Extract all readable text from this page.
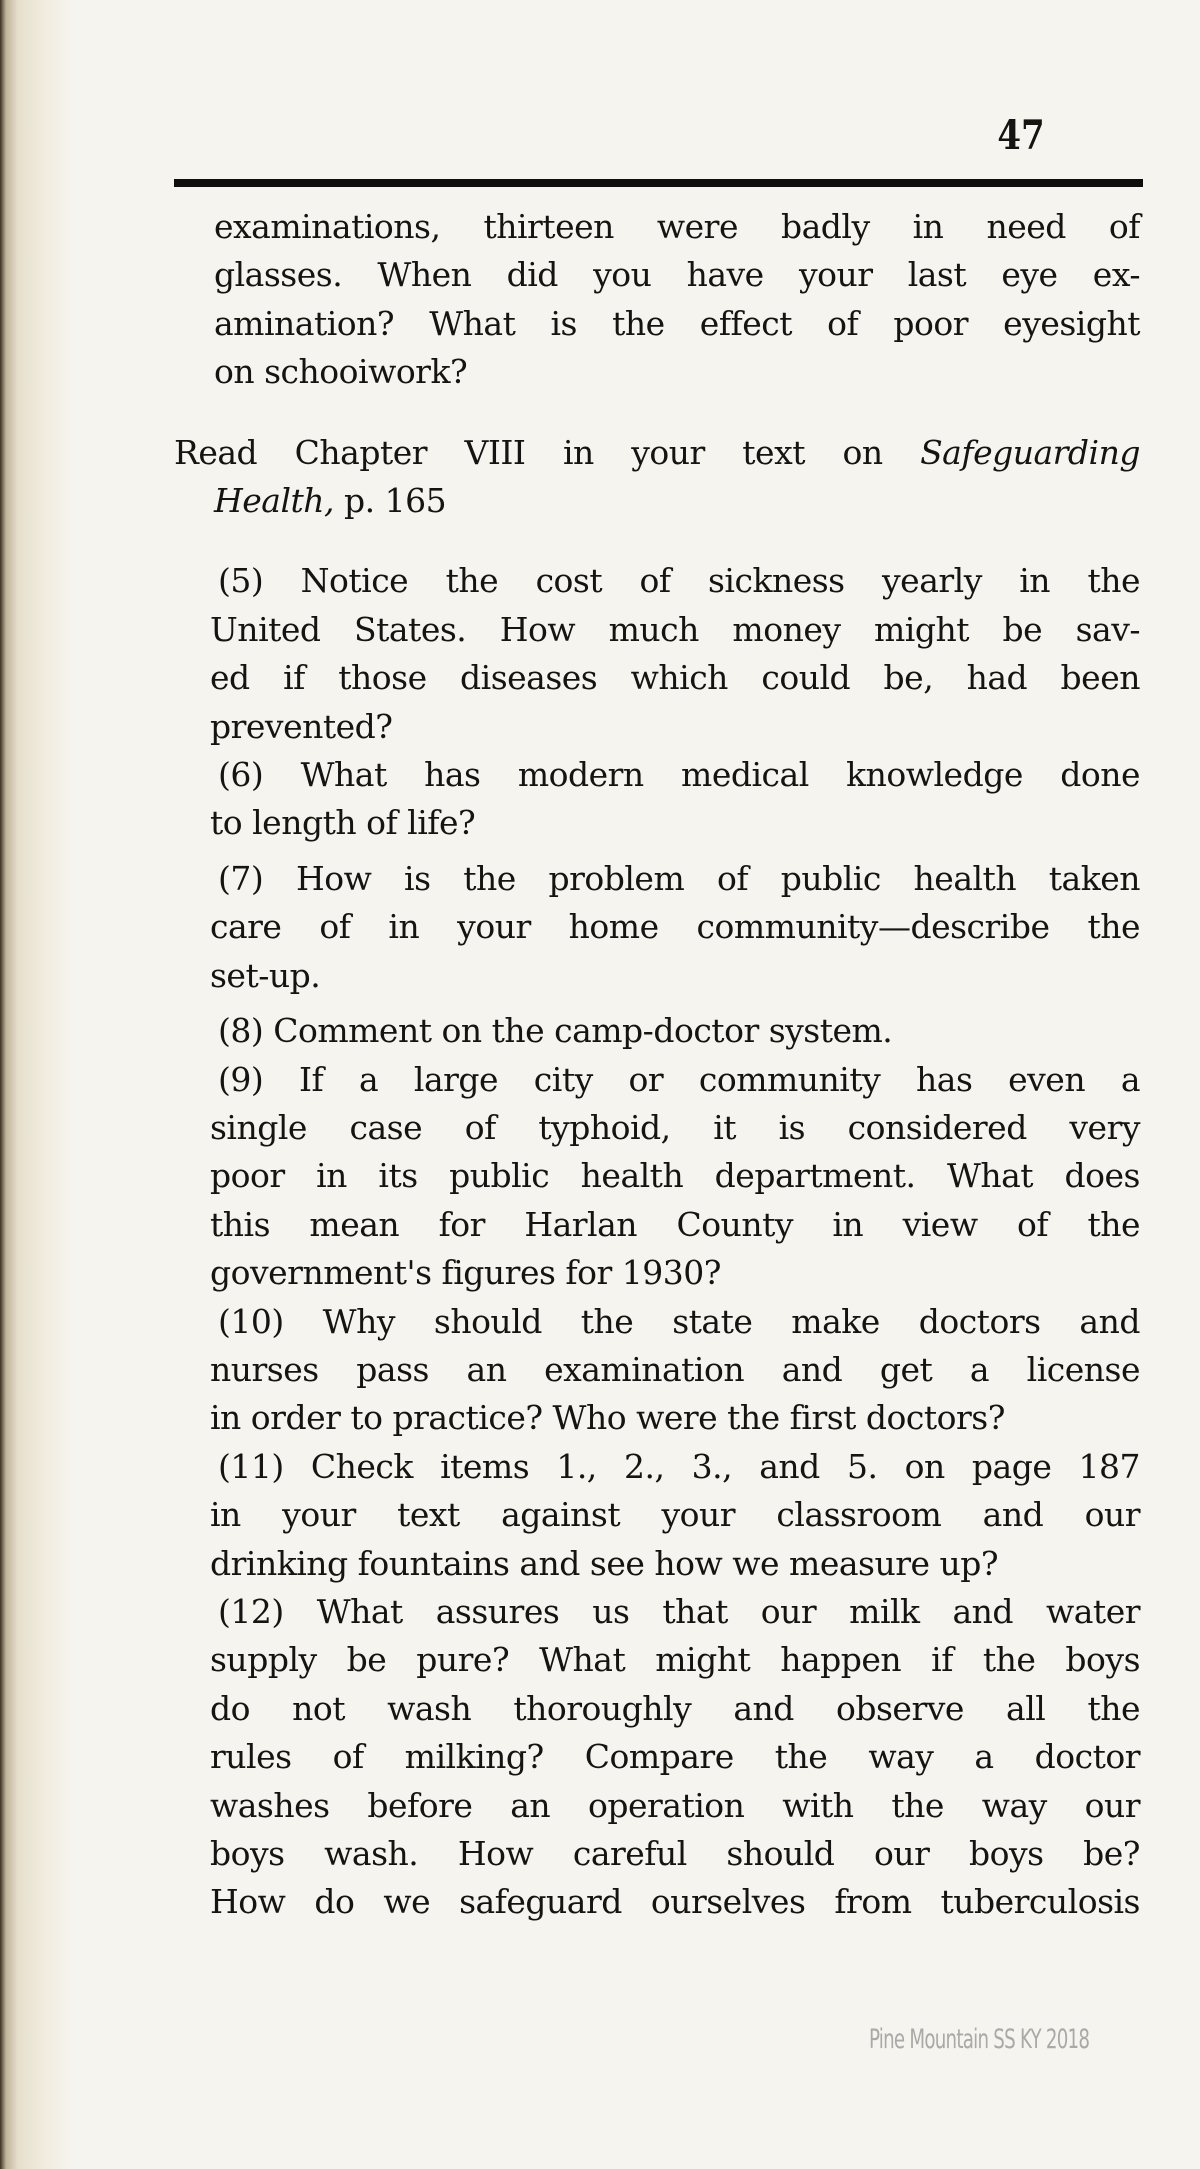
47
examinations, thirteen were badly in need of
glasses. When did you have your last eye ex-
amination? What is the effect of poor eyesight
on schooiwork?
Read Chapter VIII in your text on Safeguarding
Health, p. 165
(5) Notice the cost of sickness yearly in the
United States. How much money might be sav-
ed if those diseases which could be, had been
prevented?
(6) What has modern medical knowledge done
to length of life?
(7) How is the problem of public health taken
care of in your home community—describe the
set-up.
(8) Comment on the camp-doctor system.
(9) If a large city or community has even a
single case of typhoid, it is considered very
poor in its public health department. What does
this mean for Harlan County in view of the
government's figures for 1930?
(10) Why should the state make doctors and
nurses pass an examination and get a license
in order to practice? Who were the first doctors?
(11) Check items 1., 2., 3., and 5. on page 187
in your text against your classroom and our
drinking fountains and see how we measure up?
(12) What assures us that our milk and water
supply be pure? What might happen if the boys
do not wash thoroughly and observe all the
rules of milking? Compare the way a doctor
washes before an operation with the way our
boys wash. How careful should our boys be?
How do we safeguard ourselves from tuberculosis
Pine Mountain SS KY 2018
